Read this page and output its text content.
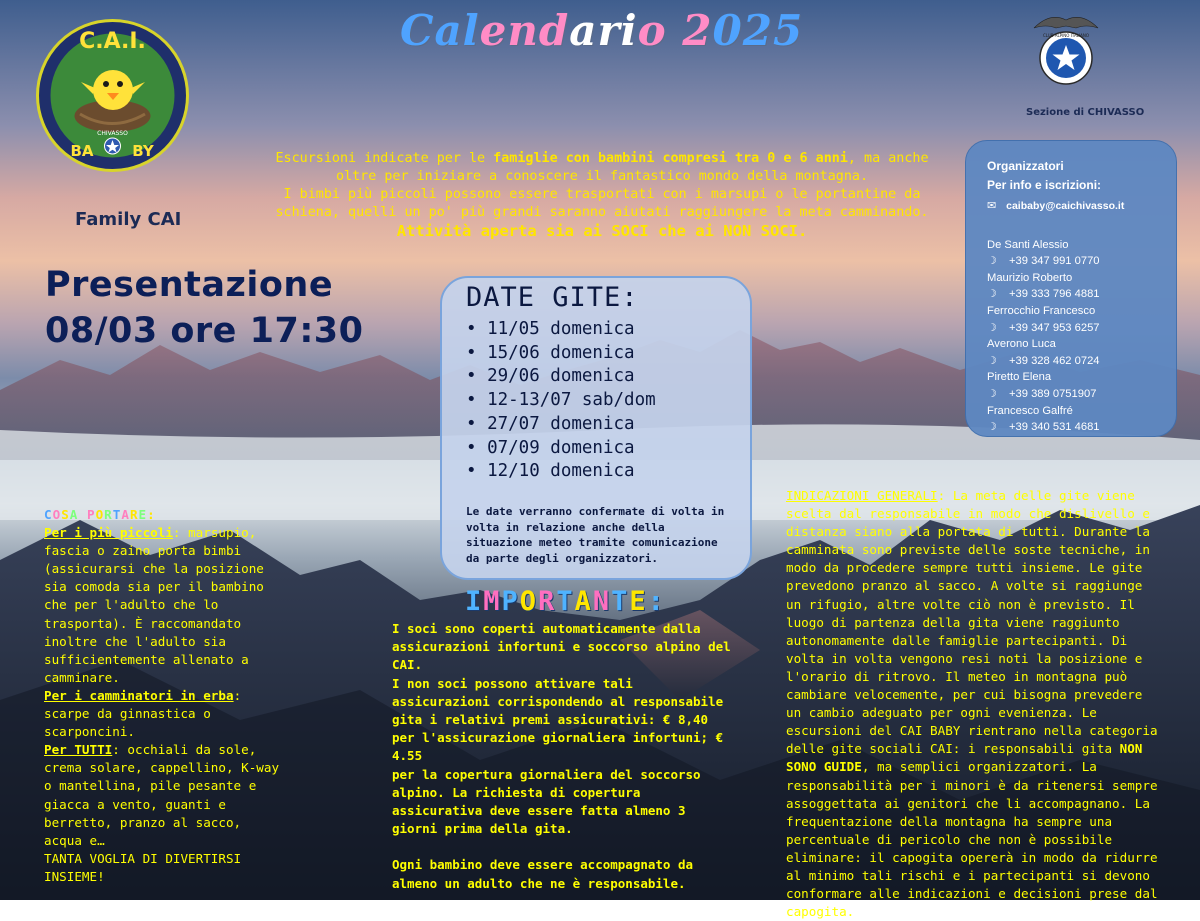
C.A.I.
CHIVASSO
BA	BY
Family CAI
Calendario 2025	CLUB ALPINO ITALIANO
Sezione di CHIVASSO
Escursioni indicate per le famiglie con bambini compresi tra 0 e 6 anni, ma anche
oltre per iniziare a conoscere il fantastico mondo della montagna.
I bimbi più piccoli possono essere trasportati con i marsupi o le portantine da
schiena, quelli un po' più grandi saranno aiutati raggiungere la meta camminando.
Attività aperta sia ai SOCI che ai NON SOCI.
Presentazione
08/03 ore 17:30
Organizzatori
Per info e iscrizioni:
✉ caibaby@caichivasso.it
De Santi Alessio
☽ +39 347 991 0770
Maurizio Roberto
☽ +39 333 796 4881
Ferrocchio Francesco
☽ +39 347 953 6257
Averono Luca
☽ +39 328 462 0724
Piretto Elena
☽ +39 389 0751907
Francesco Galfré
☽ +39 340 531 4681
DATE GITE:
• 11/05 domenica
• 15/06 domenica
• 29/06 domenica
• 12-13/07 sab/dom
• 27/07 domenica
• 07/09 domenica
• 12/10 domenica
Le date verranno confermate di volta in volta in relazione anche della situazione meteo tramite comunicazione da parte degli organizzatori.
COSA PORTARE:
Per i più piccoli: marsupio, fascia o zaino porta bimbi (assicurarsi che la posizione sia comoda sia per il bambino che per l'adulto che lo trasporta). È raccomandato inoltre che l'adulto sia sufficientemente allenato a camminare.
Per i camminatori in erba: scarpe da ginnastica o scarponcini.
Per TUTTI: occhiali da sole, crema solare, cappellino, K-way o mantellina, pile pesante e giacca a vento, guanti e berretto, pranzo al sacco, acqua e…
TANTA VOGLIA DI DIVERTIRSI INSIEME!
IMPORTANTE:
I soci sono coperti automaticamente dalla assicurazioni infortuni e soccorso alpino del CAI.
I non soci possono attivare tali assicurazioni corrispondendo al responsabile gita i relativi premi assicurativi: € 8,40 per l'assicurazione giornaliera infortuni; € 4.55
per la copertura giornaliera del soccorso alpino. La richiesta di copertura assicurativa deve essere fatta almeno 3 giorni prima della gita.
Ogni bambino deve essere accompagnato da almeno un adulto che ne è responsabile.
INDICAZIONI GENERALI: La meta delle gite viene scelta dal responsabile in modo che dislivello e distanza siano alla portata di tutti. Durante la camminata sono previste delle soste tecniche, in modo da procedere sempre tutti insieme. Le gite prevedono pranzo al sacco. A volte si raggiunge un rifugio, altre volte ciò non è previsto. Il luogo di partenza della gita viene raggiunto autonomamente dalle famiglie partecipanti. Di volta in volta vengono resi noti la posizione e l'orario di ritrovo. Il meteo in montagna può cambiare velocemente, per cui bisogna prevedere un cambio adeguato per ogni evenienza. Le escursioni del CAI BABY rientrano nella categoria delle gite sociali CAI: i responsabili gita NON SONO GUIDE, ma semplici organizzatori. La responsabilità per i minori è da ritenersi sempre assoggettata ai genitori che li accompagnano. La frequentazione della montagna ha sempre una percentuale di pericolo che non è possibile eliminare: il capogita opererà in modo da ridurre al minimo tali rischi e i partecipanti si devono conformare alle indicazioni e decisioni prese dal capogita.
